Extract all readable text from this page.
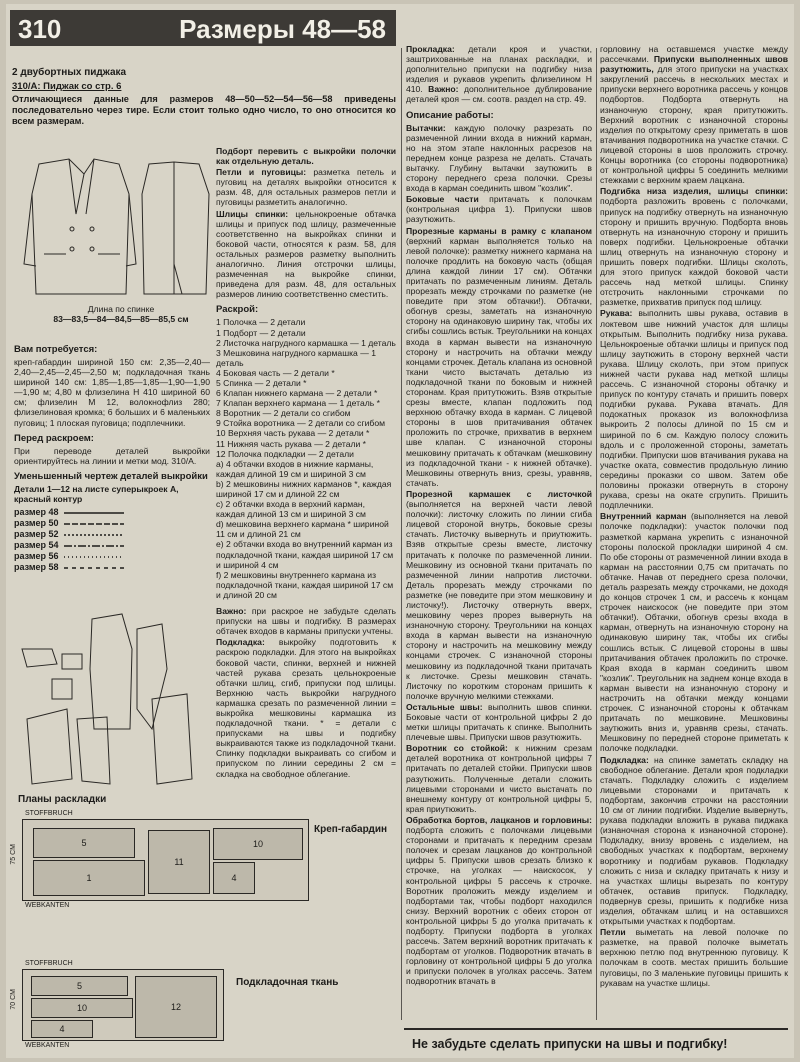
310	Размеры 48—58
2 двубортных пиджака
310/А: Пиджак со стр. 6

Отличающиеся данные для размеров 48—50—52—54—56—58 приведены последовательно через тире. Если стоит только одно число, то оно относится ко всем размерам.

Длина по спинке
83—83,5—84—84,5—85—85,5 см
Вам потребуется:

креп-габардин шириной 150 см: 2,35—2,40—2,40—2,45—2,45—2,50 м; подкладочная ткань шириной 140 см: 1,85—1,85—1,85—1,90—1,90—1,90 м; 4,80 м флизелина Н 410 шириной 60 см; флизелин М 12, волокнофлиз 280; флизелиновая кромка; 6 больших и 6 маленьких пуговиц; 1 плоская пуговица; подплечники.

Перед раскроем:

При переводе деталей выкройки ориентируйтесь на линии и метки мод. 310/А.

Уменьшенный чертеж деталей выкройки
Детали 1—12 на листе суперыкроек А, красный контур
размер 48
размер 50
размер 52
размер 54
размер 56
размер 58
Планы раскладки
STOFFBRUCH
5
1
11
10
4
WEBKANTEN
75 CM
Креп-габардин
STOFFBRUCH
5
10
4
12
WEBKANTEN
70 CM
Подкладочная ткань

Подборт перевить с выкройки полочки как отдельную деталь.

Петли и пуговицы: разметка петель и пуговиц на деталях выкройки относится к разм. 48, для остальных размеров петли и пуговицы разметить аналогично.

Шлицы спинки: цельнокроеные обтачка шлицы и припуск под шлицу, размеченные соответственно на выкройках спинки и боковой части, относятся к разм. 58, для остальных размеров разметку выполнить аналогично. Линия отстрочки шлицы, размеченная на выкройке спинки, приведена для разм. 48, для остальных размеров линию соответственно сместить.

Раскрой:
1 Полочка — 2 детали
1 Подборт — 2 детали
2 Листочка нагрудного кармашка — 1 деталь
3 Мешковина нагрудного кармашка — 1 деталь
4 Боковая часть — 2 детали *
5 Спинка — 2 детали *
6 Клапан нижнего кармана — 2 детали *
7 Клапан верхнего кармана — 1 деталь *
8 Воротник — 2 детали со сгибом
9 Стойка воротника — 2 детали со сгибом
10 Верхняя часть рукава — 2 детали *
11 Нижняя часть рукава — 2 детали *
12 Полочка подкладки — 2 детали
a) 4 обтачки входов в нижние карманы, каждая длиной 19 см и шириной 3 см
b) 2 мешковины нижних карманов *, каждая шириной 17 см и длиной 22 см
c) 2 обтачки входа в верхний карман, каждая длиной 13 см и шириной 3 см
d) мешковина верхнего кармана * шириной 11 см и длиной 21 см
e) 2 обтачки входа во внутренний карман из подкладочной ткани, каждая шириной 17 см и шириной 4 см
f) 2 мешковины внутреннего кармана из подкладочной ткани, каждая шириной 17 см и длиной 20 см

Важно: при раскрое не забудьте сделать припуски на швы и подгибку. В размерах обтачек входов в карманы припуски учтены.

Подкладка: выкройку подготовить к раскрою подкладки. Для этого на выкройках боковой части, спинки, верхней и нижней частей рукава срезать цельнокроеные обтачки шлиц, сгиб, припуски под шлицы. Верхнюю часть выкройки нагрудного кармашка срезать по размеченной линии = выкройка мешковины кармашка из подкладочной ткани. * = детали с припусками на швы и подгибку выкраиваются также из подкладочной ткани. Спинку подкладки выкраивать со сгибом и припуском по линии середины 2 см = складка на свободное облегание.

Прокладка: детали кроя и участки, заштрихованные на планах раскладки, и дополнительно припуски на подгибку низа изделия и рукавов укрепить флизелином Н 410. Важно: дополнительное дублирование деталей кроя — см. соотв. раздел на стр. 49.

Описание работы:

Вытачки: каждую полочку разрезать по размеченной линии входа в нижний карман, но на этом этапе наклонных расрезов на переднем конце разреза не делать. Стачать вытачку. Глубину вытачки заутюжить в сторону переднего среза полочки. Срезы входа в карман соединить швом "козлик".

Боковые части притачать к полочкам (контрольная цифра 1). Припуски швов разутюжить.

Прорезные карманы в рамку с клапаном (верхний карман выполняется только на левой полочке): разметку нижнего кармана на полочке продлить на боковую часть (общая длина каждой линии 17 см). Обтачки притачать по размеченным линиям. Деталь прорезать между строчками по разметке (не поведите при этом обтачки!). Обтачки, обогнув срезы, заметать на изнаночную сторону на одинаковую ширину так, чтобы их сгибы сошлись встык. Треугольники на концах входа в карман вывести на изнаночную сторону и настрочить на обтачки между концами строчек. Деталь клапана из основной ткани чисто выстачать деталью из подкладочной ткани по боковым и нижней сторонам. Края притутюжить. Взяв открытые срезы вместе, клапан подложить под верхнюю обтачку входа в карман. С лицевой стороны в шов притачивания обтачек проложить по строчке, прихватив в верхнем шве клапан. С изнаночной стороны мешковину притачать к обтачкам (мешковину из подкладочной ткани - к нижней обтачке). Мешковины отвернуть вниз, срезы, уравняв, стачать.

Прорезной кармашек с листочкой (выполняется на верхней части левой полочки): листочку сложить по линии сгиба лицевой стороной внутрь, боковые срезы стачать. Листочку вывернуть и приутюжить. Взяв открытые срезы вместе, листочку притачать к полочке по размеченной линии. Мешковину из основной ткани притачать по размеченной линии напротив листочки. Деталь прорезать между строчками по разметке (не поведите при этом мешковину и листочку!). Листочку отвернуть вверх, мешковину через прорез вывернуть на изнаночную сторону. Треугольники на концах входа в карман вывести на изнаночную сторону и настрочить на мешковину между концами строчек. С изнаночной стороны мешковину из подкладочной ткани притачать к листочке. Срезы мешковин стачать. Листочку по коротким сторонам пришить к полочке вручную мелкими стежками.

Остальные швы: выполнить швов спинки. Боковые части от контрольной цифры 2 до метки шлицы притачать к спинке. Выполнить плечевые швы. Припуски швов разутюжить.

Воротник со стойкой: к нижним срезам деталей воротника от контрольной цифры 7 притачать по деталей стойки. Припуски швов разутюжить. Полученные детали сложить лицевыми сторонами и чисто выстачать по внешнему контуру от контрольной цифры 5, края приутюжить.

Обработка бортов, лацканов и горловины: подборта сложить с полочками лицевыми сторонами и притачать к передним срезам полочек и срезам лацканов до контрольной цифры 5. Припуски швов срезать близко к строчке, на уголках — наискосок, у контрольной цифры 5 рассечь к строчке. Воротник проложить между изделием и подбортами так, чтобы подборт находился снизу. Верхний воротник с обеих сторон от контрольной цифры 5 до уголка притачать к подборту. Припуски подборта в уголках рассечь. Затем верхний воротник притачать к подбортам от уголков. Подворотник втачать в горловину от контрольной цифры 5 до уголка и припуски полочек в уголках рассечь. Затем подворотник втачать в

горловину на оставшемся участке между рассечками. Припуски выполненных швов разутюжить, для этого припуски на участках закруглений рассечь в нескольких местах и припуски верхнего воротника рассечь у концов подбортов. Подборта отвернуть на изнаночную сторону, края притутюжить. Верхний воротник с изнаночной стороны изделия по открытому срезу приметать в шов втачивания подворотника на участке стачки. С лицевой стороны в шов проложить строчку. Концы воротника (со стороны подворотника) от контрольной цифры 5 соединить мелкими стежками с верхним краем лацкана.

Подгибка низа изделия, шлицы спинки: подборта разложить вровень с полочками, припуск на подгибку отвернуть на изнаночную сторону и пришить вручную. Подборта вновь отвернуть на изнаночную сторону и пришить поверх подгибки. Цельнокроеные обтачки шлиц отвернуть на изнаночную сторону и пришить поверх подгибки. Шлицы сколоть, для этого припуск каждой боковой части рассечь над меткой шлицы. Спинку отстрочить наклонными строчками по разметке, прихватив припуск под шлицу.

Рукава: выполнить швы рукава, оставив в локтевом шве нижний участок для шлицы открытым. Выполнить подгибку низа рукава. Цельнокроеные обтачки шлицы и припуск под шлицу заутюжить в сторону верхней части рукава. Шлицу сколоть, при этом припуск нижней части рукава над меткой шлицы рассечь. С изнаночной стороны обтачку и припуск по контуру стачать и пришить поверх подгибки рукава. Рукава втачать. Для подокатных проказок из волокнофлиза выкроить 2 полосы длиной по 15 см и шириной по 6 см. Каждую полосу сложить вдоль и с проложенной стороны, заметать подгибки. Припуски шов втачивания рукава на участке оката, совместив продольную линию середины проказки со швом. Затем обе половины проказки отвернуть в сторону рукава, срезы на окате сгрупить. Пришить подплечники.

Внутренний карман (выполняется на левой полочке подкладки): участок полочки под разметкой кармана укрепить с изнаночной стороны полоской прокладки шириной 4 см. По обе стороны от размеченной линии входа в карман на расстоянии 0,75 см притачать по обтачке. Начав от переднего среза полочки, деталь разрезать между строчками, не доходя до концов строчек 1 см, и рассечь к концам строчек наискосок (не поведите при этом обтачки!). Обтачки, обогнув срезы входа в карман, отвернуть на изнаночную сторону на одинаковую ширину так, чтобы их сгибы сошлись встык. С лицевой стороны в швы притачивания обтачек проложить по строчке. Края входа в карман соединить швом "козлик". Треугольник на заднем конце входа в карман вывести на изнаночную сторону и настрочить на обтачки между концами строчек. С изнаночной стороны к обтачкам притачать по мешковине. Мешковины заутюжить вниз и, уравняв срезы, стачать. Мешковину по передней стороне приметать к полочке подкладки.

Подкладка: на спинке заметать складку на свободное облегание. Детали кроя подкладки стачать. Подкладку сложить с изделием лицевыми сторонами и притачать к подбортам, закончив строчки на расстоянии 10 см от линии подгибки. Изделие вывернуть, рукава подкладки вложить в рукава пиджака (изнаночная сторона к изнаночной стороне). Подкладку, внизу вровень с изделием, на свободных участках к подбортам, верхнему воротнику и подгибам рукавов. Подкладку сложить с низа и складку притачать к низу и на участках шлицы вырезать по контуру обтачек, оставив припуск. Подкладку, подвернув срезы, пришить к подгибке низа изделия, обтачкам шлиц и на оставшихся открытыми участках к подбортам.

Петли выметать на левой полочке по разметке, на правой полочке выметать верхнюю петлю под внутреннюю пуговицу. К полочкам в соотв. местах пришить большие пуговицы, по 3 маленькие пуговицы пришить к рукавам на участке шлицы.

Не забудьте сделать припуски на швы и подгибку!
